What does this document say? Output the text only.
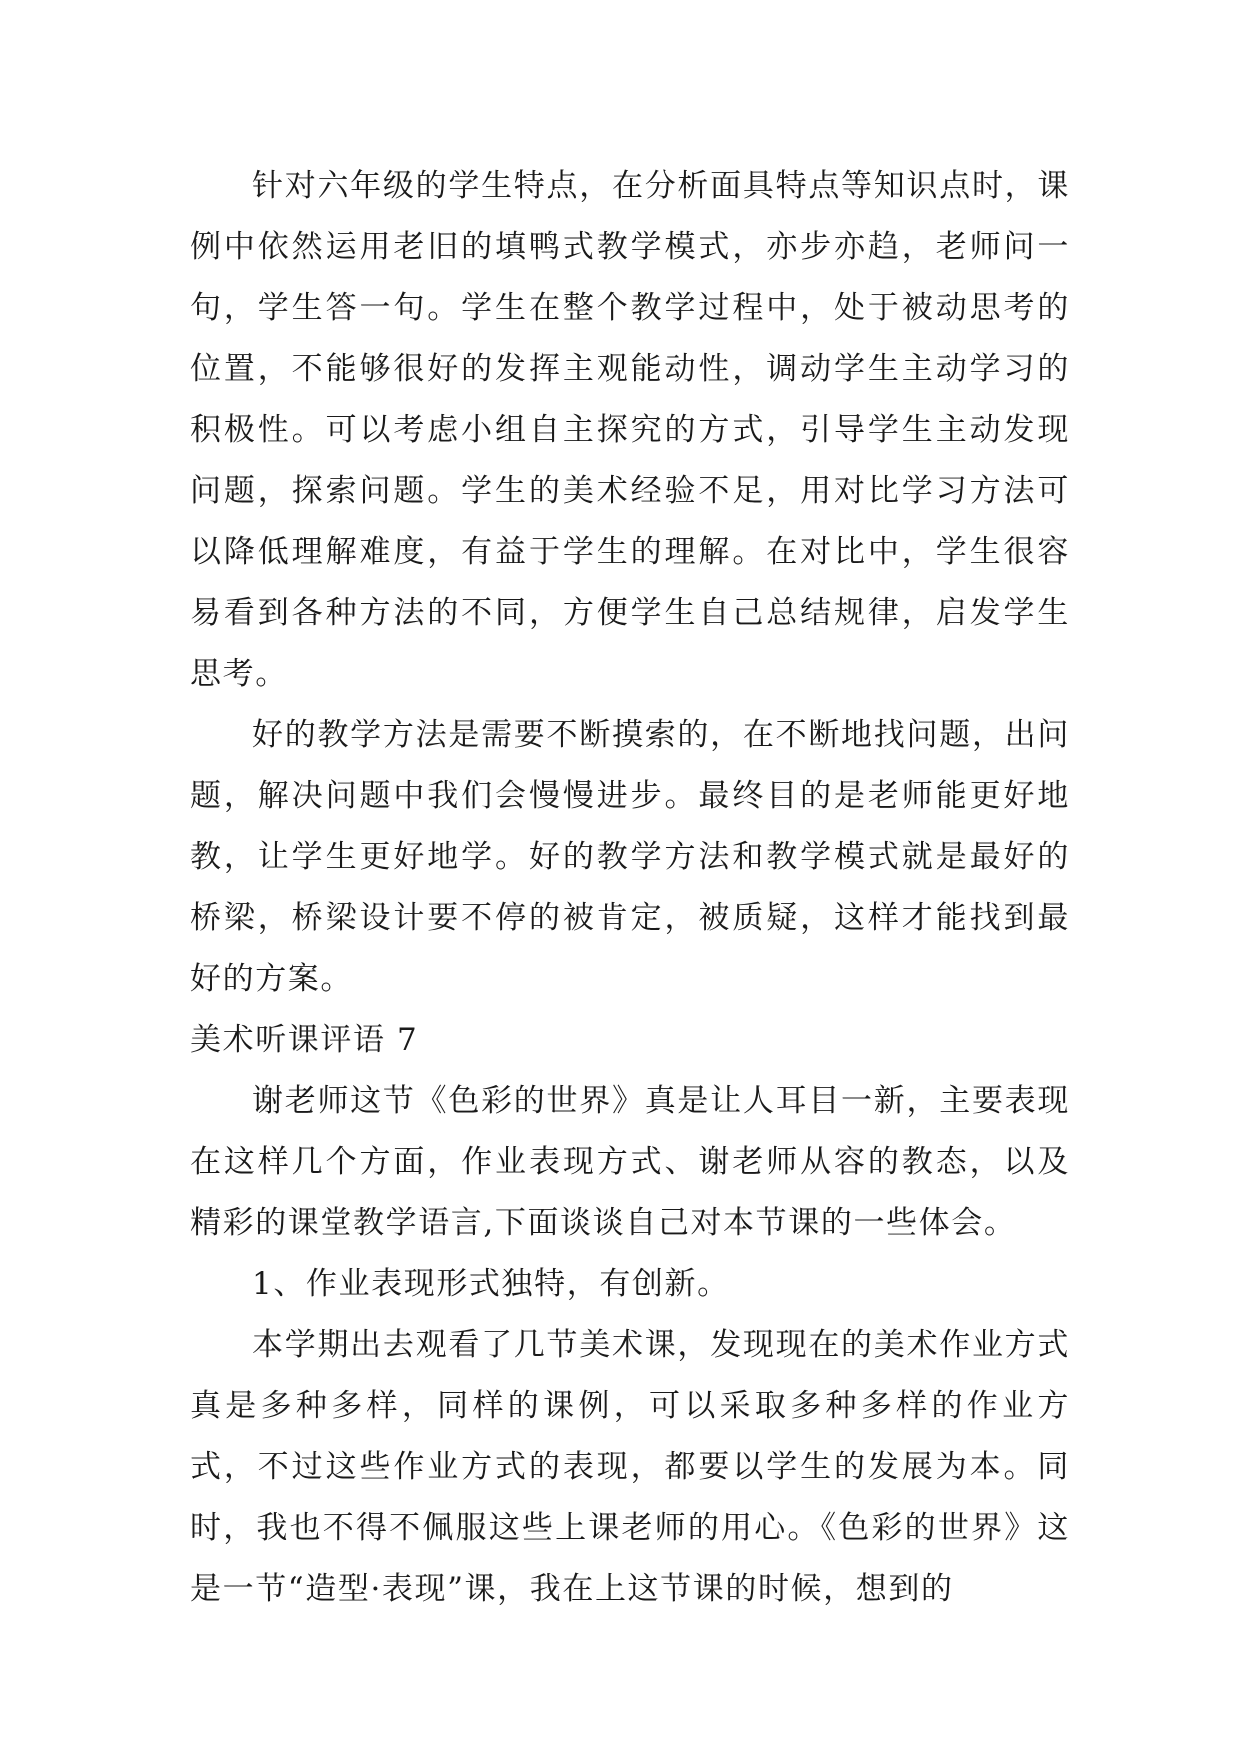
针对六年级的学生特点，在分析面具特点等知识点时，课例中依然运用老旧的填鸭式教学模式，亦步亦趋，老师问一句，学生答一句。学生在整个教学过程中，处于被动思考的位置，不能够很好的发挥主观能动性，调动学生主动学习的积极性。可以考虑小组自主探究的方式，引导学生主动发现问题，探索问题。学生的美术经验不足，用对比学习方法可以降低理解难度，有益于学生的理解。在对比中，学生很容易看到各种方法的不同，方便学生自己总结规律，启发学生思考。

好的教学方法是需要不断摸索的，在不断地找问题，出问题，解决问题中我们会慢慢进步。最终目的是老师能更好地教，让学生更好地学。好的教学方法和教学模式就是最好的桥梁，桥梁设计要不停的被肯定，被质疑，这样才能找到最好的方案。

美术听课评语 7

谢老师这节《色彩的世界》真是让人耳目一新，主要表现在这样几个方面，作业表现方式、谢老师从容的教态，以及精彩的课堂教学语言,下面谈谈自己对本节课的一些体会。

1、作业表现形式独特，有创新。

本学期出去观看了几节美术课，发现现在的美术作业方式真是多种多样，同样的课例，可以采取多种多样的作业方式，不过这些作业方式的表现，都要以学生的发展为本。同时，我也不得不佩服这些上课老师的用心。《色彩的世界》这是一节“造型·表现”课，我在上这节课的时候，想到的
